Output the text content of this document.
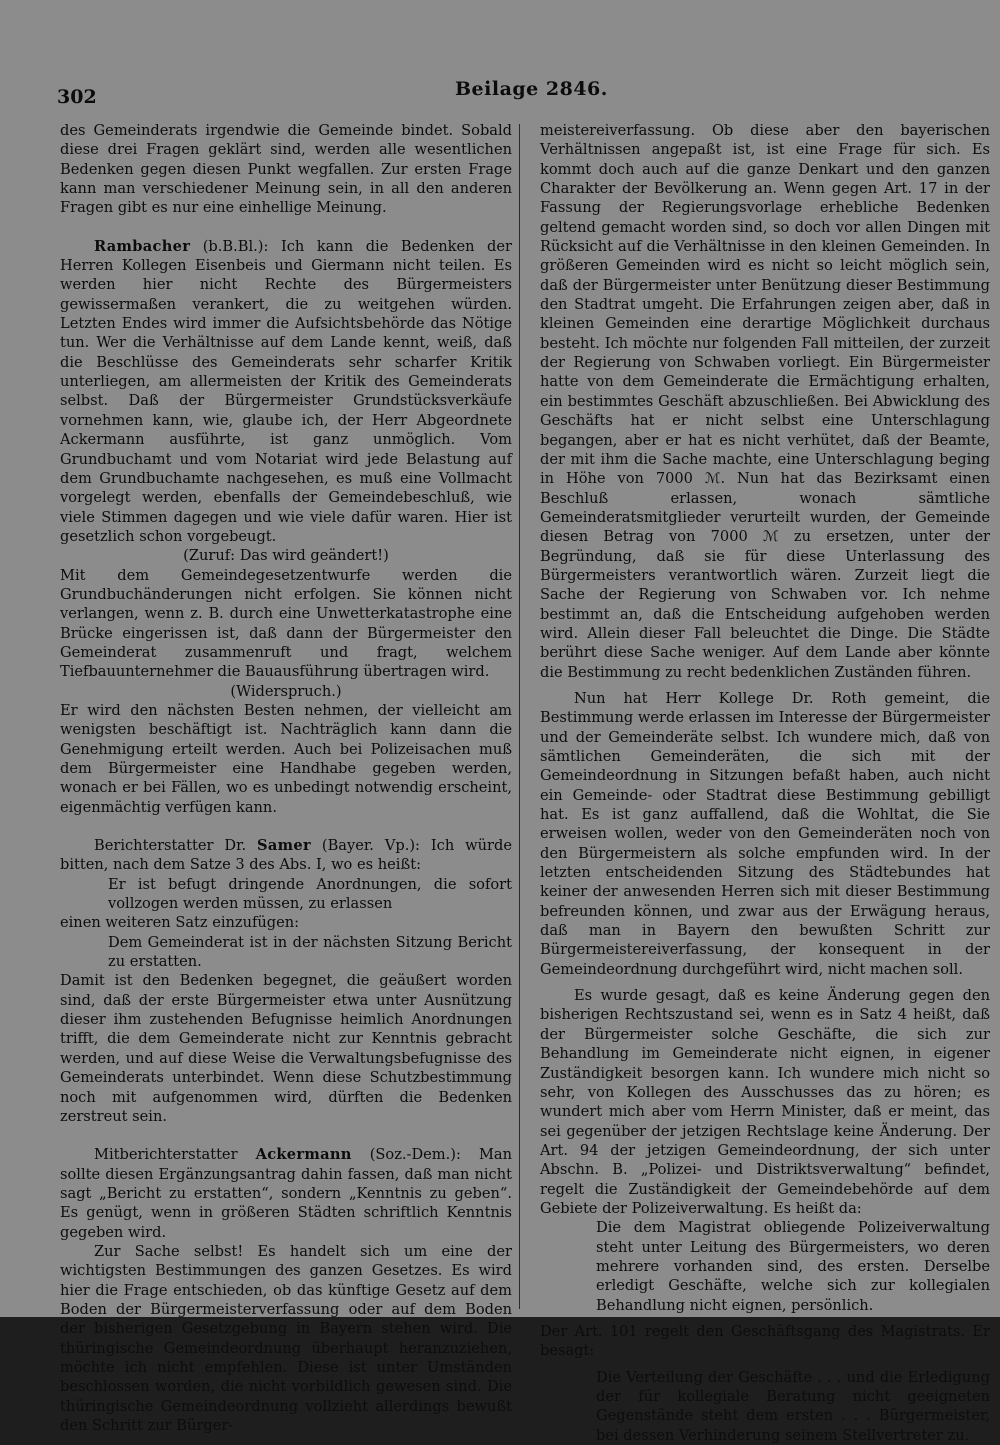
302	Beilage 2846.

des Gemeinderats irgendwie die Gemeinde bindet. Sobald diese drei Fragen geklärt sind, werden alle wesentlichen Bedenken gegen diesen Punkt wegfallen. Zur ersten Frage kann man verschiedener Meinung sein, in all den anderen Fragen gibt es nur eine einhellige Meinung.

Rambacher (b.B.Bl.): Ich kann die Bedenken der Herren Kollegen Eisenbeis und Giermann nicht teilen. Es werden hier nicht Rechte des Bürgermeisters gewissermaßen verankert, die zu weitgehen würden. Letzten Endes wird immer die Aufsichtsbehörde das Nötige tun. Wer die Verhältnisse auf dem Lande kennt, weiß, daß die Beschlüsse des Gemeinderats sehr scharfer Kritik unterliegen, am allermeisten der Kritik des Gemeinderats selbst. Daß der Bürgermeister Grundstücksverkäufe vornehmen kann, wie, glaube ich, der Herr Abgeordnete Ackermann ausführte, ist ganz unmöglich. Vom Grundbuchamt und vom Notariat wird jede Belastung auf dem Grundbuchamte nachgesehen, es muß eine Vollmacht vorgelegt werden, ebenfalls der Gemeindebeschluß, wie viele Stimmen dagegen und wie viele dafür waren. Hier ist gesetzlich schon vorgebeugt.

(Zuruf: Das wird geändert!)

Mit dem Gemeindegesetzentwurfe werden die Grundbuchänderungen nicht erfolgen. Sie können nicht verlangen, wenn z. B. durch eine Unwetterkatastrophe eine Brücke eingerissen ist, daß dann der Bürgermeister den Gemeinderat zusammenruft und fragt, welchem Tiefbauunternehmer die Bauausführung übertragen wird.

(Widerspruch.)

Er wird den nächsten Besten nehmen, der vielleicht am wenigsten beschäftigt ist. Nachträglich kann dann die Genehmigung erteilt werden. Auch bei Polizeisachen muß dem Bürgermeister eine Handhabe gegeben werden, wonach er bei Fällen, wo es unbedingt notwendig erscheint, eigenmächtig verfügen kann.

Berichterstatter Dr. Samer (Bayer. Vp.): Ich würde bitten, nach dem Satze 3 des Abs. I, wo es heißt:

Er ist befugt dringende Anordnungen, die sofort vollzogen werden müssen, zu erlassen

einen weiteren Satz einzufügen:

Dem Gemeinderat ist in der nächsten Sitzung Bericht zu erstatten.

Damit ist den Bedenken begegnet, die geäußert worden sind, daß der erste Bürgermeister etwa unter Ausnützung dieser ihm zustehenden Befugnisse heimlich Anordnungen trifft, die dem Gemeinderate nicht zur Kenntnis gebracht werden, und auf diese Weise die Verwaltungsbefugnisse des Gemeinderats unterbindet. Wenn diese Schutzbestimmung noch mit aufgenommen wird, dürften die Bedenken zerstreut sein.

Mitberichterstatter Ackermann (Soz.-Dem.): Man sollte diesen Ergänzungsantrag dahin fassen, daß man nicht sagt „Bericht zu erstatten“, sondern „Kenntnis zu geben“. Es genügt, wenn in größeren Städten schriftlich Kenntnis gegeben wird.

Zur Sache selbst! Es handelt sich um eine der wichtigsten Bestimmungen des ganzen Gesetzes. Es wird hier die Frage entschieden, ob das künftige Gesetz auf dem Boden der Bürgermeisterverfassung oder auf dem Boden der bisherigen Gesetzgebung in Bayern stehen wird. Die thüringische Gemeindeordnung überhaupt heranzuziehen, möchte ich nicht empfehlen. Diese ist unter Umständen beschlossen worden, die nicht vorbildlich gewesen sind. Die thüringische Gemeindeordnung vollzieht allerdings bewußt den Schritt zur Bürger-

meistereiverfassung. Ob diese aber den bayerischen Verhältnissen angepaßt ist, ist eine Frage für sich. Es kommt doch auch auf die ganze Denkart und den ganzen Charakter der Bevölkerung an. Wenn gegen Art. 17 in der Fassung der Regierungsvorlage erhebliche Bedenken geltend gemacht worden sind, so doch vor allen Dingen mit Rücksicht auf die Verhältnisse in den kleinen Gemeinden. In größeren Gemeinden wird es nicht so leicht möglich sein, daß der Bürgermeister unter Benützung dieser Bestimmung den Stadtrat umgeht. Die Erfahrungen zeigen aber, daß in kleinen Gemeinden eine derartige Möglichkeit durchaus besteht. Ich möchte nur folgenden Fall mitteilen, der zurzeit der Regierung von Schwaben vorliegt. Ein Bürgermeister hatte von dem Gemeinderate die Ermächtigung erhalten, ein bestimmtes Geschäft abzuschließen. Bei Abwicklung des Geschäfts hat er nicht selbst eine Unterschlagung begangen, aber er hat es nicht verhütet, daß der Beamte, der mit ihm die Sache machte, eine Unterschlagung beging in Höhe von 7000 ℳ. Nun hat das Bezirksamt einen Beschluß erlassen, wonach sämtliche Gemeinderatsmitglieder verurteilt wurden, der Gemeinde diesen Betrag von 7000 ℳ zu ersetzen, unter der Begründung, daß sie für diese Unterlassung des Bürgermeisters verantwortlich wären. Zurzeit liegt die Sache der Regierung von Schwaben vor. Ich nehme bestimmt an, daß die Entscheidung aufgehoben werden wird. Allein dieser Fall beleuchtet die Dinge. Die Städte berührt diese Sache weniger. Auf dem Lande aber könnte die Bestimmung zu recht bedenklichen Zuständen führen.

Nun hat Herr Kollege Dr. Roth gemeint, die Bestimmung werde erlassen im Interesse der Bürgermeister und der Gemeinderäte selbst. Ich wundere mich, daß von sämtlichen Gemeinderäten, die sich mit der Gemeindeordnung in Sitzungen befaßt haben, auch nicht ein Gemeinde- oder Stadtrat diese Bestimmung gebilligt hat. Es ist ganz auffallend, daß die Wohltat, die Sie erweisen wollen, weder von den Gemeinderäten noch von den Bürgermeistern als solche empfunden wird. In der letzten entscheidenden Sitzung des Städtebundes hat keiner der anwesenden Herren sich mit dieser Bestimmung befreunden können, und zwar aus der Erwägung heraus, daß man in Bayern den bewußten Schritt zur Bürgermeistereiverfassung, der konsequent in der Gemeindeordnung durchgeführt wird, nicht machen soll.

Es wurde gesagt, daß es keine Änderung gegen den bisherigen Rechtszustand sei, wenn es in Satz 4 heißt, daß der Bürgermeister solche Geschäfte, die sich zur Behandlung im Gemeinderate nicht eignen, in eigener Zuständigkeit besorgen kann. Ich wundere mich nicht so sehr, von Kollegen des Ausschusses das zu hören; es wundert mich aber vom Herrn Minister, daß er meint, das sei gegenüber der jetzigen Rechtslage keine Änderung. Der Art. 94 der jetzigen Gemeindeordnung, der sich unter Abschn. B. „Polizei- und Distriktsverwaltung“ befindet, regelt die Zuständigkeit der Gemeindebehörde auf dem Gebiete der Polizeiverwaltung. Es heißt da:

Die dem Magistrat obliegende Polizeiverwaltung steht unter Leitung des Bürgermeisters, wo deren mehrere vorhanden sind, des ersten. Derselbe erledigt Geschäfte, welche sich zur kollegialen Behandlung nicht eignen, persönlich.

Der Art. 101 regelt den Geschäftsgang des Magistrats. Er besagt:

Die Verteilung der Geschäfte . . . und die Erledigung der für kollegiale Beratung nicht geeigneten Gegenstände steht dem ersten . . . Bürgermeister, bei dessen Verhinderung seinem Stellvertreter zu.
